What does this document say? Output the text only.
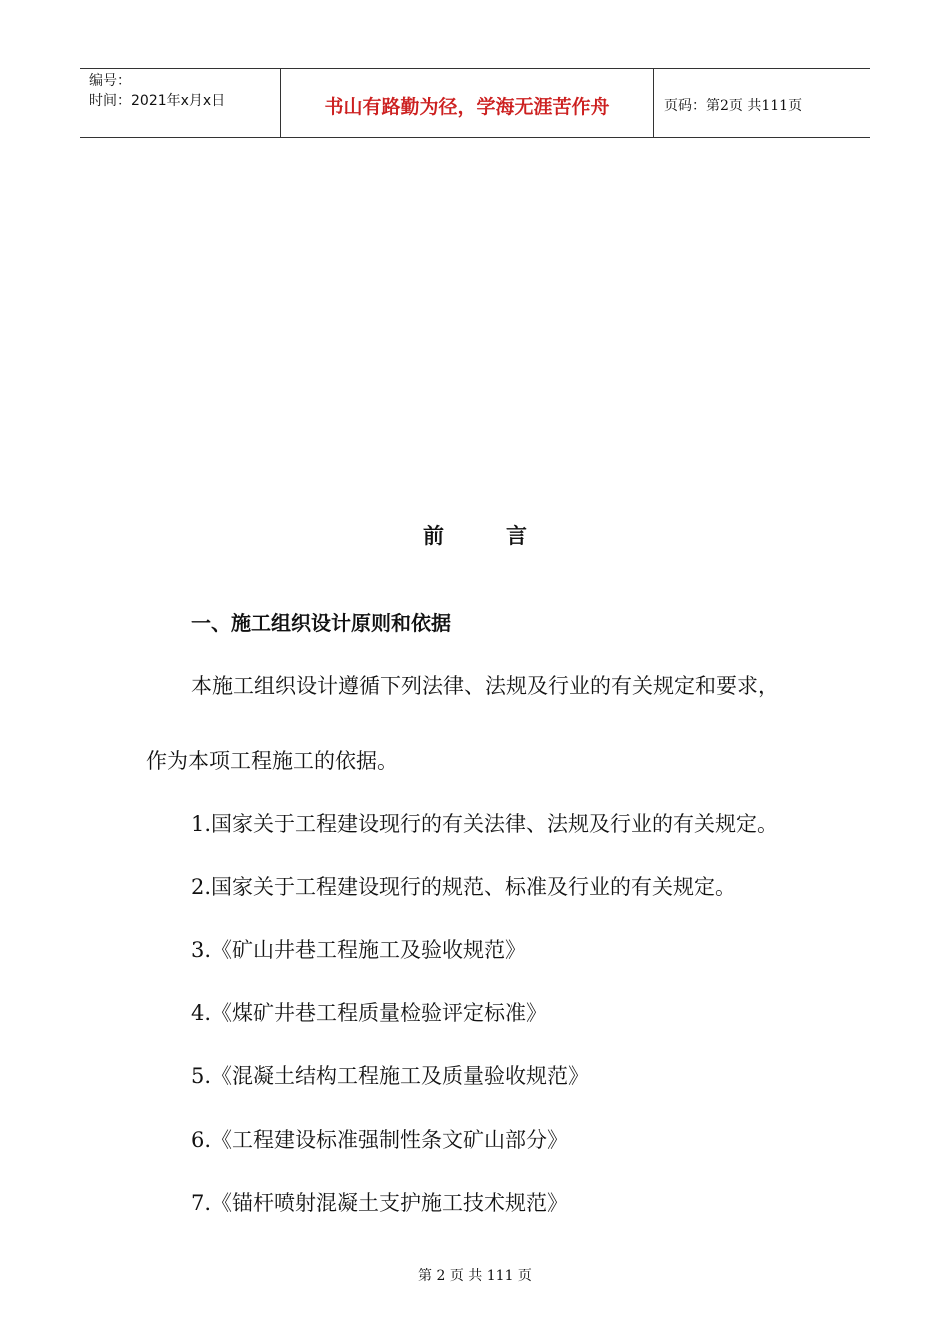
编号：
时间：2021年x月x日	书山有路勤为径，学海无涯苦作舟	页码：第2页 共111页
前	言
一、施工组织设计原则和依据
本施工组织设计遵循下列法律、法规及行业的有关规定和要求，
作为本项工程施工的依据。
1.国家关于工程建设现行的有关法律、法规及行业的有关规定。
2.国家关于工程建设现行的规范、标准及行业的有关规定。
3.《矿山井巷工程施工及验收规范》
4.《煤矿井巷工程质量检验评定标准》
5.《混凝土结构工程施工及质量验收规范》
6.《工程建设标准强制性条文矿山部分》
7.《锚杆喷射混凝土支护施工技术规范》
第 2 页 共 111 页
